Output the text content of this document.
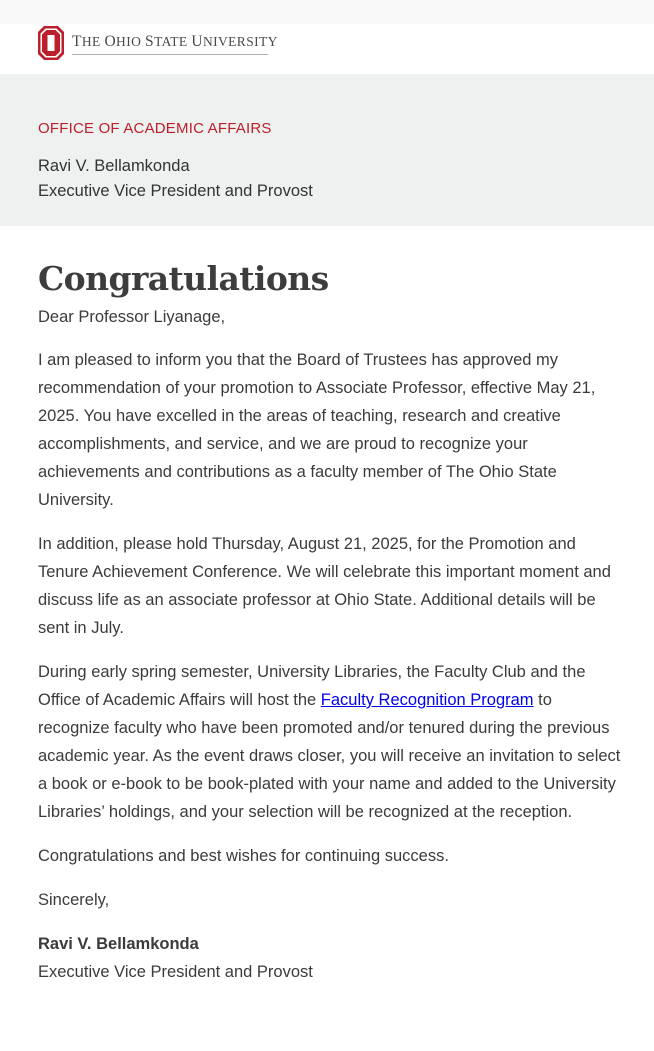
THE OHIO STATE UNIVERSITY
OFFICE OF ACADEMIC AFFAIRS
Ravi V. Bellamkonda
Executive Vice President and Provost
Congratulations

Dear Professor Liyanage,

I am pleased to inform you that the Board of Trustees has approved my recommendation of your promotion to Associate Professor, effective May 21, 2025. You have excelled in the areas of teaching, research and creative accomplishments, and service, and we are proud to recognize your achievements and contributions as a faculty member of The Ohio State University.

In addition, please hold Thursday, August 21, 2025, for the Promotion and Tenure Achievement Conference. We will celebrate this important moment and discuss life as an associate professor at Ohio State. Additional details will be sent in July.

During early spring semester, University Libraries, the Faculty Club and the Office of Academic Affairs will host the Faculty Recognition Program to recognize faculty who have been promoted and/or tenured during the previous academic year. As the event draws closer, you will receive an invitation to select a book or e-book to be book-plated with your name and added to the University Libraries’ holdings, and your selection will be recognized at the reception.

Congratulations and best wishes for continuing success.

Sincerely,

Ravi V. Bellamkonda

Executive Vice President and Provost
